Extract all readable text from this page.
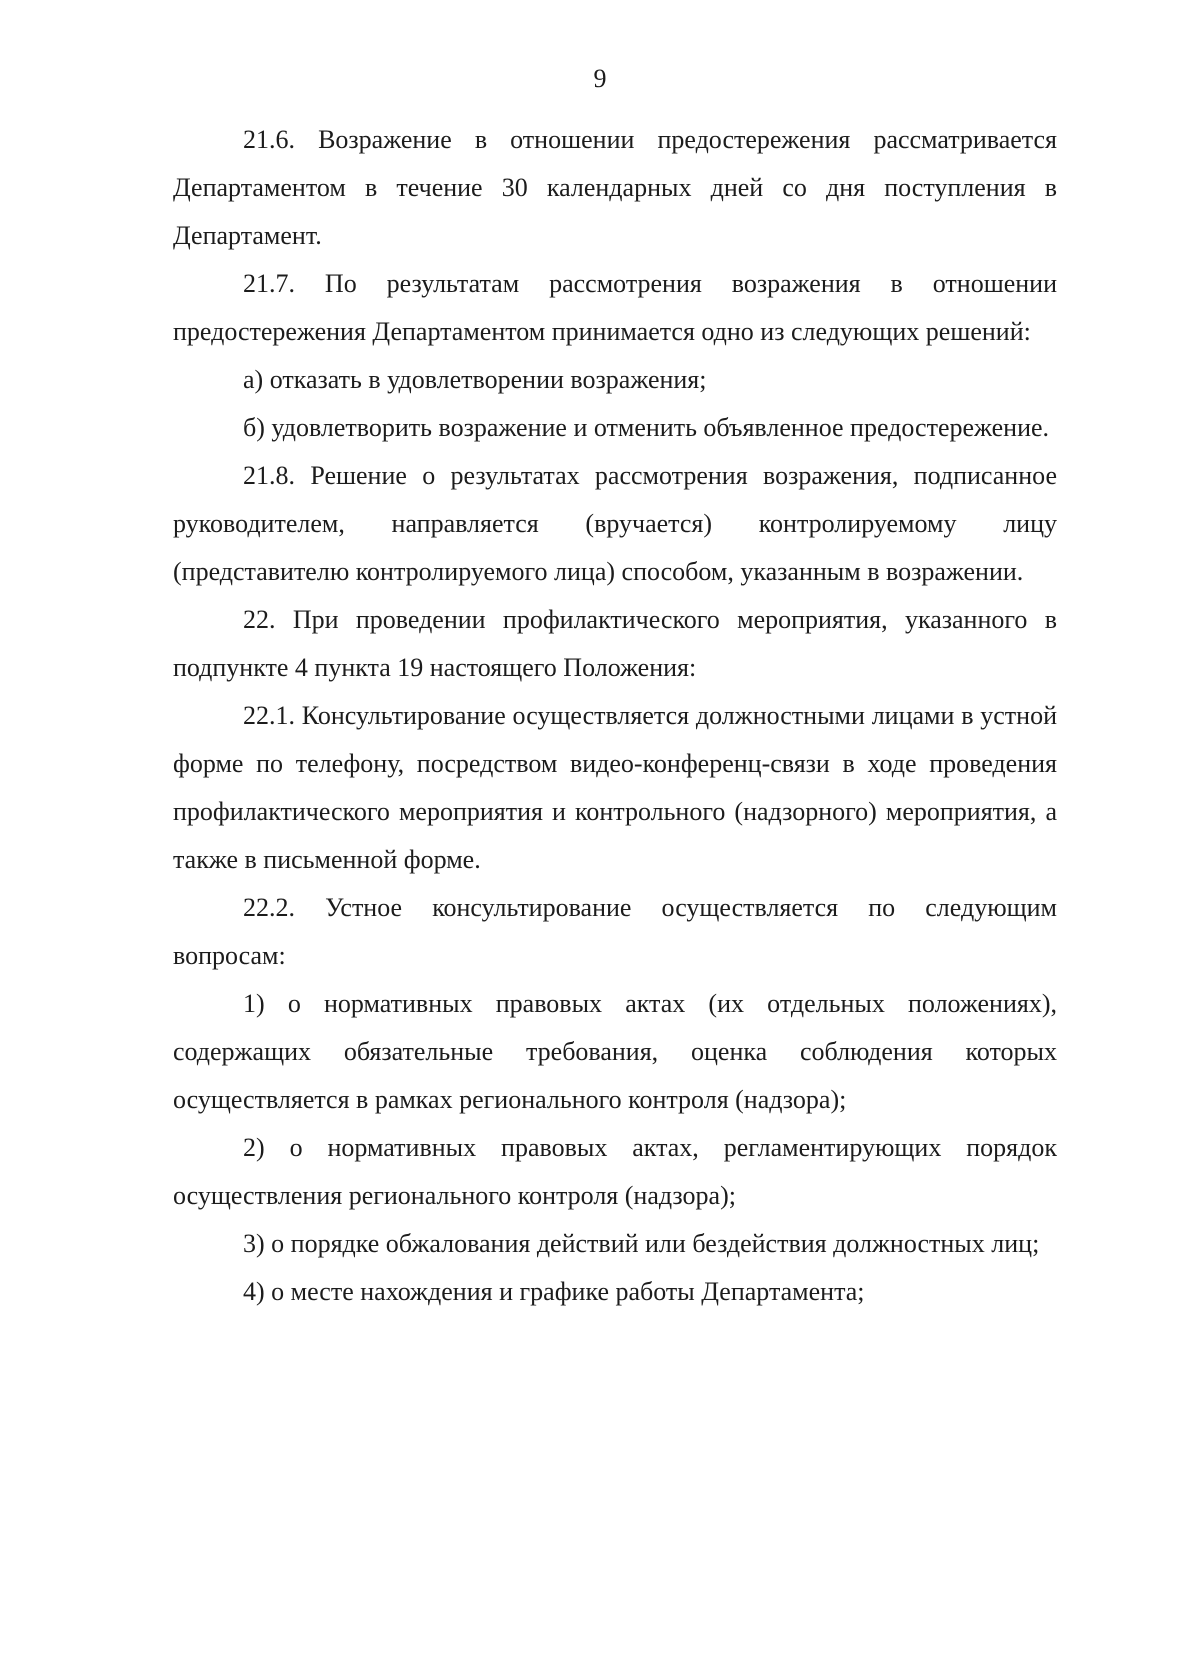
9

21.6. Возражение в отношении предостережения рассматривается Департаментом в течение 30 календарных дней со дня поступления в Департамент.

21.7. По результатам рассмотрения возражения в отношении предостережения Департаментом принимается одно из следующих решений:

а) отказать в удовлетворении возражения;

б) удовлетворить возражение и отменить объявленное предостережение.

21.8. Решение о результатах рассмотрения возражения, подписанное руководителем, направляется (вручается) контролируемому лицу (представителю контролируемого лица) способом, указанным в возражении.

22. При проведении профилактического мероприятия, указанного в подпункте 4 пункта 19 настоящего Положения:

22.1. Консультирование осуществляется должностными лицами в устной форме по телефону, посредством видео-конференц-связи в ходе проведения профилактического мероприятия и контрольного (надзорного) мероприятия, а также в письменной форме.

22.2. Устное консультирование осуществляется по следующим вопросам:

1) о нормативных правовых актах (их отдельных положениях), содержащих обязательные требования, оценка соблюдения которых осуществляется в рамках регионального контроля (надзора);

2) о нормативных правовых актах, регламентирующих порядок осуществления регионального контроля (надзора);

3) о порядке обжалования действий или бездействия должностных лиц;

4) о месте нахождения и графике работы Департамента;
